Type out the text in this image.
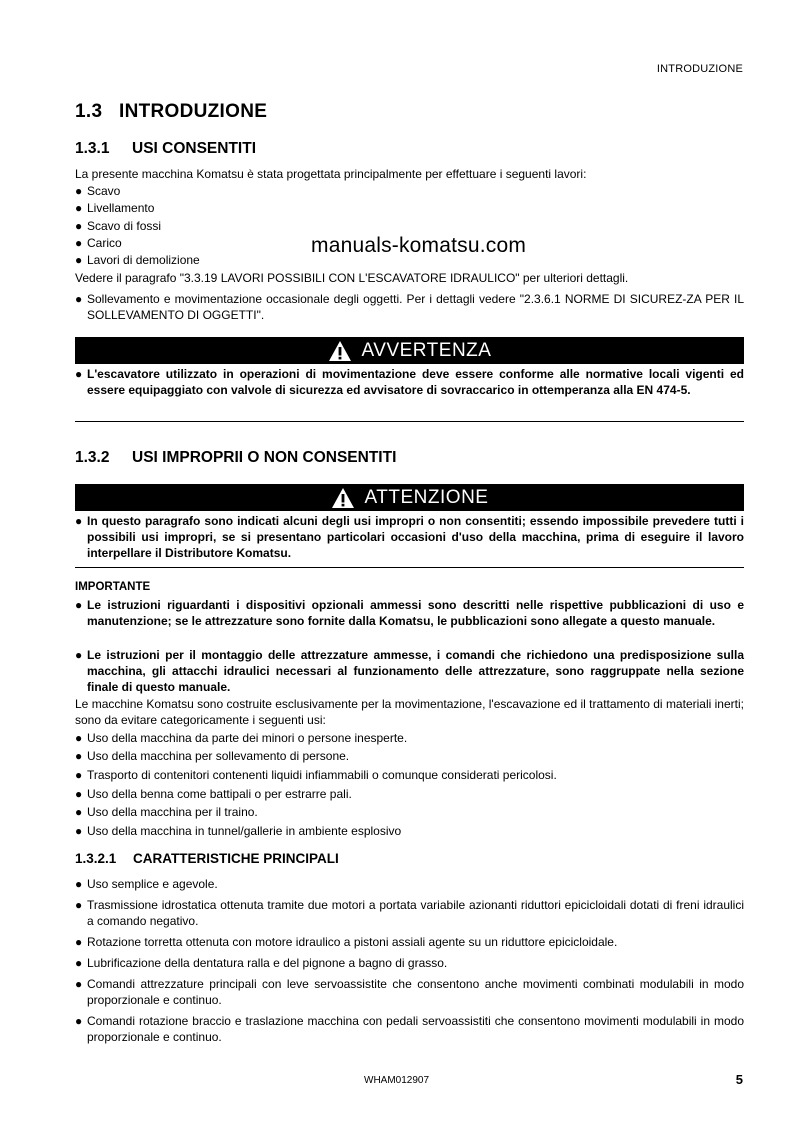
INTRODUZIONE
1.3 INTRODUZIONE
1.3.1 USI CONSENTITI
La presente macchina Komatsu è stata progettata principalmente per effettuare i seguenti lavori:
● Scavo
● Livellamento
● Scavo di fossi
● Carico
● Lavori di demolizione
manuals-komatsu.com
Vedere il paragrafo "3.3.19 LAVORI POSSIBILI CON L'ESCAVATORE IDRAULICO" per ulteriori dettagli.
● Sollevamento e movimentazione occasionale degli oggetti. Per i dettagli vedere "2.3.6.1 NORME DI SICUREZ-ZA PER IL SOLLEVAMENTO DI OGGETTI".
AVVERTENZA
● L'escavatore utilizzato in operazioni di movimentazione deve essere conforme alle normative locali vigenti ed essere equipaggiato con valvole di sicurezza ed avvisatore di sovraccarico in ottemperanza alla EN 474-5.
1.3.2 USI IMPROPRII O NON CONSENTITI
ATTENZIONE
● In questo paragrafo sono indicati alcuni degli usi impropri o non consentiti; essendo impossibile prevedere tutti i possibili usi impropri, se si presentano particolari occasioni d'uso della macchina, prima di eseguire il lavoro interpellare il Distributore Komatsu.
IMPORTANTE
● Le istruzioni riguardanti i dispositivi opzionali ammessi sono descritti nelle rispettive pubblicazioni di uso e manutenzione; se le attrezzature sono fornite dalla Komatsu, le pubblicazioni sono allegate a questo manuale.
● Le istruzioni per il montaggio delle attrezzature ammesse, i comandi che richiedono una predisposizione sulla macchina, gli attacchi idraulici necessari al funzionamento delle attrezzature, sono raggruppate nella sezione finale di questo manuale.
Le macchine Komatsu sono costruite esclusivamente per la movimentazione, l'escavazione ed il trattamento di materiali inerti; sono da evitare categoricamente i seguenti usi:
● Uso della macchina da parte dei minori o persone inesperte.
● Uso della macchina per sollevamento di persone.
● Trasporto di contenitori contenenti liquidi infiammabili o comunque considerati pericolosi.
● Uso della benna come battipali o per estrarre pali.
● Uso della macchina per il traino.
● Uso della macchina in tunnel/gallerie in ambiente esplosivo
1.3.2.1 CARATTERISTICHE PRINCIPALI
● Uso semplice e agevole.
● Trasmissione idrostatica ottenuta tramite due motori a portata variabile azionanti riduttori epicicloidali dotati di freni idraulici a comando negativo.
● Rotazione torretta ottenuta con motore idraulico a pistoni assiali agente su un riduttore epicicloidale.
● Lubrificazione della dentatura ralla e del pignone a bagno di grasso.
● Comandi attrezzature principali con leve servoassistite che consentono anche movimenti combinati modulabili in modo proporzionale e continuo.
● Comandi rotazione braccio e traslazione macchina con pedali servoassistiti che consentono movimenti modulabili in modo proporzionale e continuo.
WHAM012907	5
